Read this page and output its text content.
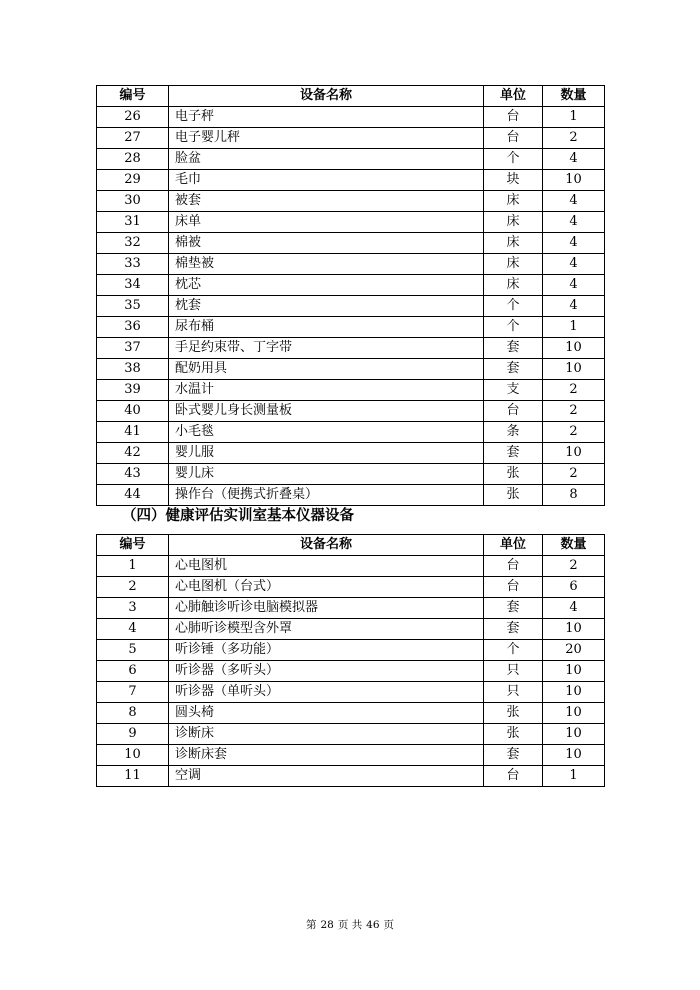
编号	设备名称	单位	数量
26	电子秤	台	1
27	电子婴儿秤	台	2
28	脸盆	个	4
29	毛巾	块	10
30	被套	床	4
31	床单	床	4
32	棉被	床	4
33	棉垫被	床	4
34	枕芯	床	4
35	枕套	个	4
36	尿布桶	个	1
37	手足约束带、丁字带	套	10
38	配奶用具	套	10
39	水温计	支	2
40	卧式婴儿身长测量板	台	2
41	小毛毯	条	2
42	婴儿服	套	10
43	婴儿床	张	2
44	操作台（便携式折叠桌）	张	8
（四）健康评估实训室基本仪器设备
编号	设备名称	单位	数量
1	心电图机	台	2
2	心电图机（台式）	台	6
3	心肺触诊听诊电脑模拟器	套	4
4	心肺听诊模型含外罩	套	10
5	听诊锤（多功能）	个	20
6	听诊器（多听头）	只	10
7	听诊器（单听头）	只	10
8	圆头椅	张	10
9	诊断床	张	10
10	诊断床套	套	10
11	空调	台	1
第 28 页 共 46 页
